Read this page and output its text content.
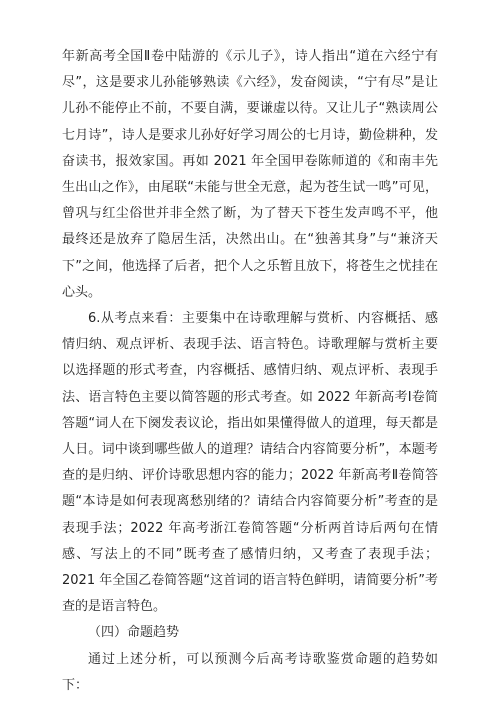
年新高考全国Ⅱ卷中陆游的《示儿子》，诗人指出“道在六经宁有尽”，这是要求儿孙能够熟读《六经》，发奋阅读，“宁有尽”是让儿孙不能停止不前，不要自满，要谦虚以待。又让儿子“熟读周公七月诗”，诗人是要求儿孙好好学习周公的七月诗，勤俭耕种，发奋读书，报效家国。再如 2021 年全国甲卷陈师道的《和南丰先生出山之作》，由尾联“未能与世全无意，起为苍生试一鸣”可见，曾巩与红尘俗世并非全然了断，为了替天下苍生发声鸣不平，他最终还是放弃了隐居生活，决然出山。在“独善其身”与“兼济天下”之间，他选择了后者，把个人之乐暂且放下，将苍生之忧挂在心头。

6.从考点来看：主要集中在诗歌理解与赏析、内容概括、感情归纳、观点评析、表现手法、语言特色。诗歌理解与赏析主要以选择题的形式考查，内容概括、感情归纳、观点评析、表现手法、语言特色主要以简答题的形式考查。如 2022 年新高考Ⅰ卷简答题“词人在下阕发表议论，指出如果懂得做人的道理，每天都是人日。词中谈到哪些做人的道理？请结合内容简要分析”，本题考查的是归纳、评价诗歌思想内容的能力；2022 年新高考Ⅱ卷简答题“本诗是如何表现离愁别绪的？请结合内容简要分析”考查的是表现手法；2022 年高考浙江卷简答题“分析两首诗后两句在情感、写法上的不同”既考查了感情归纳，又考查了表现手法；2021 年全国乙卷简答题“这首词的语言特色鲜明，请简要分析”考查的是语言特色。

（四）命题趋势

通过上述分析，可以预测今后高考诗歌鉴赏命题的趋势如下：
